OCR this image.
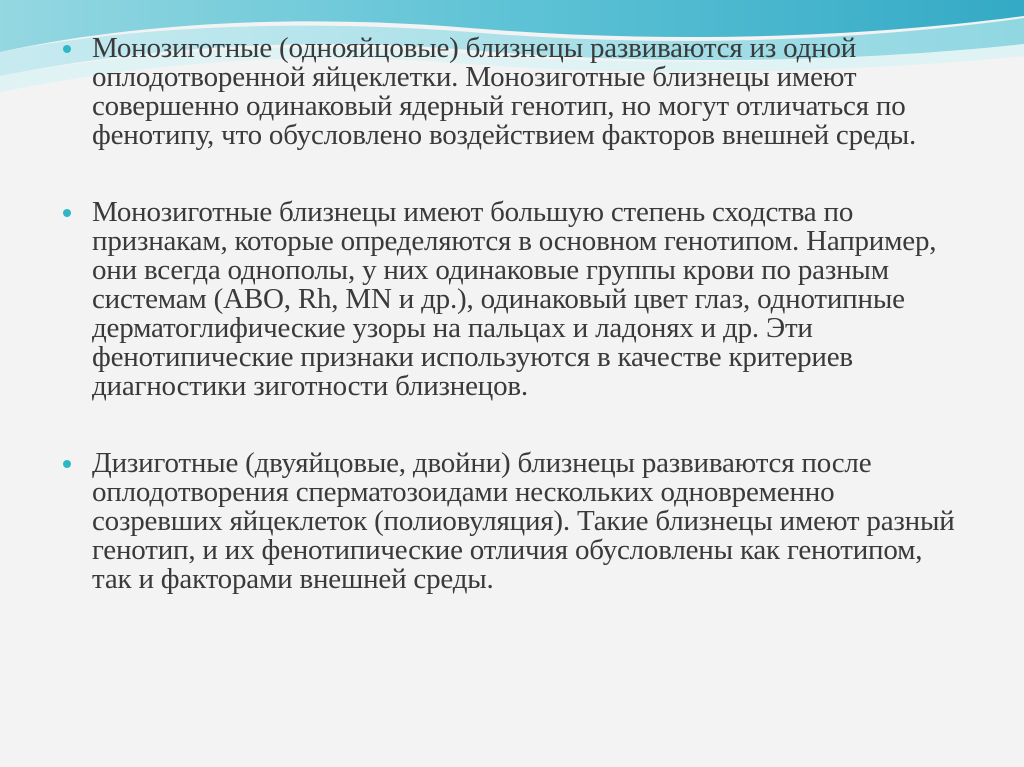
Монозиготные (однояйцовые) близнецы развиваются из одной оплодотворенной яйцеклетки. Монозиготные близнецы имеют совершенно одинаковый ядерный генотип, но могут отличаться по фенотипу, что обусловлено воздействием факторов внешней среды.

Монозиготные близнецы имеют большую степень сходства по признакам, которые определяются в основном генотипом. Например, они всегда однополы, у них одинаковые группы крови по разным системам (АВО, Rh, MN и др.), одинаковый цвет глаз, однотипные дерматоглифические узоры на пальцах и ладонях и др. Эти фенотипические признаки используются в качестве критериев диагностики зиготности близнецов.

Дизиготные (двуяйцовые, двойни) близнецы развиваются после оплодотворения сперматозоидами нескольких одновременно созревших яйцеклеток (полиовуляция). Такие близнецы имеют разный генотип, и их фенотипические отличия обусловлены как генотипом, так и факторами внешней среды.
